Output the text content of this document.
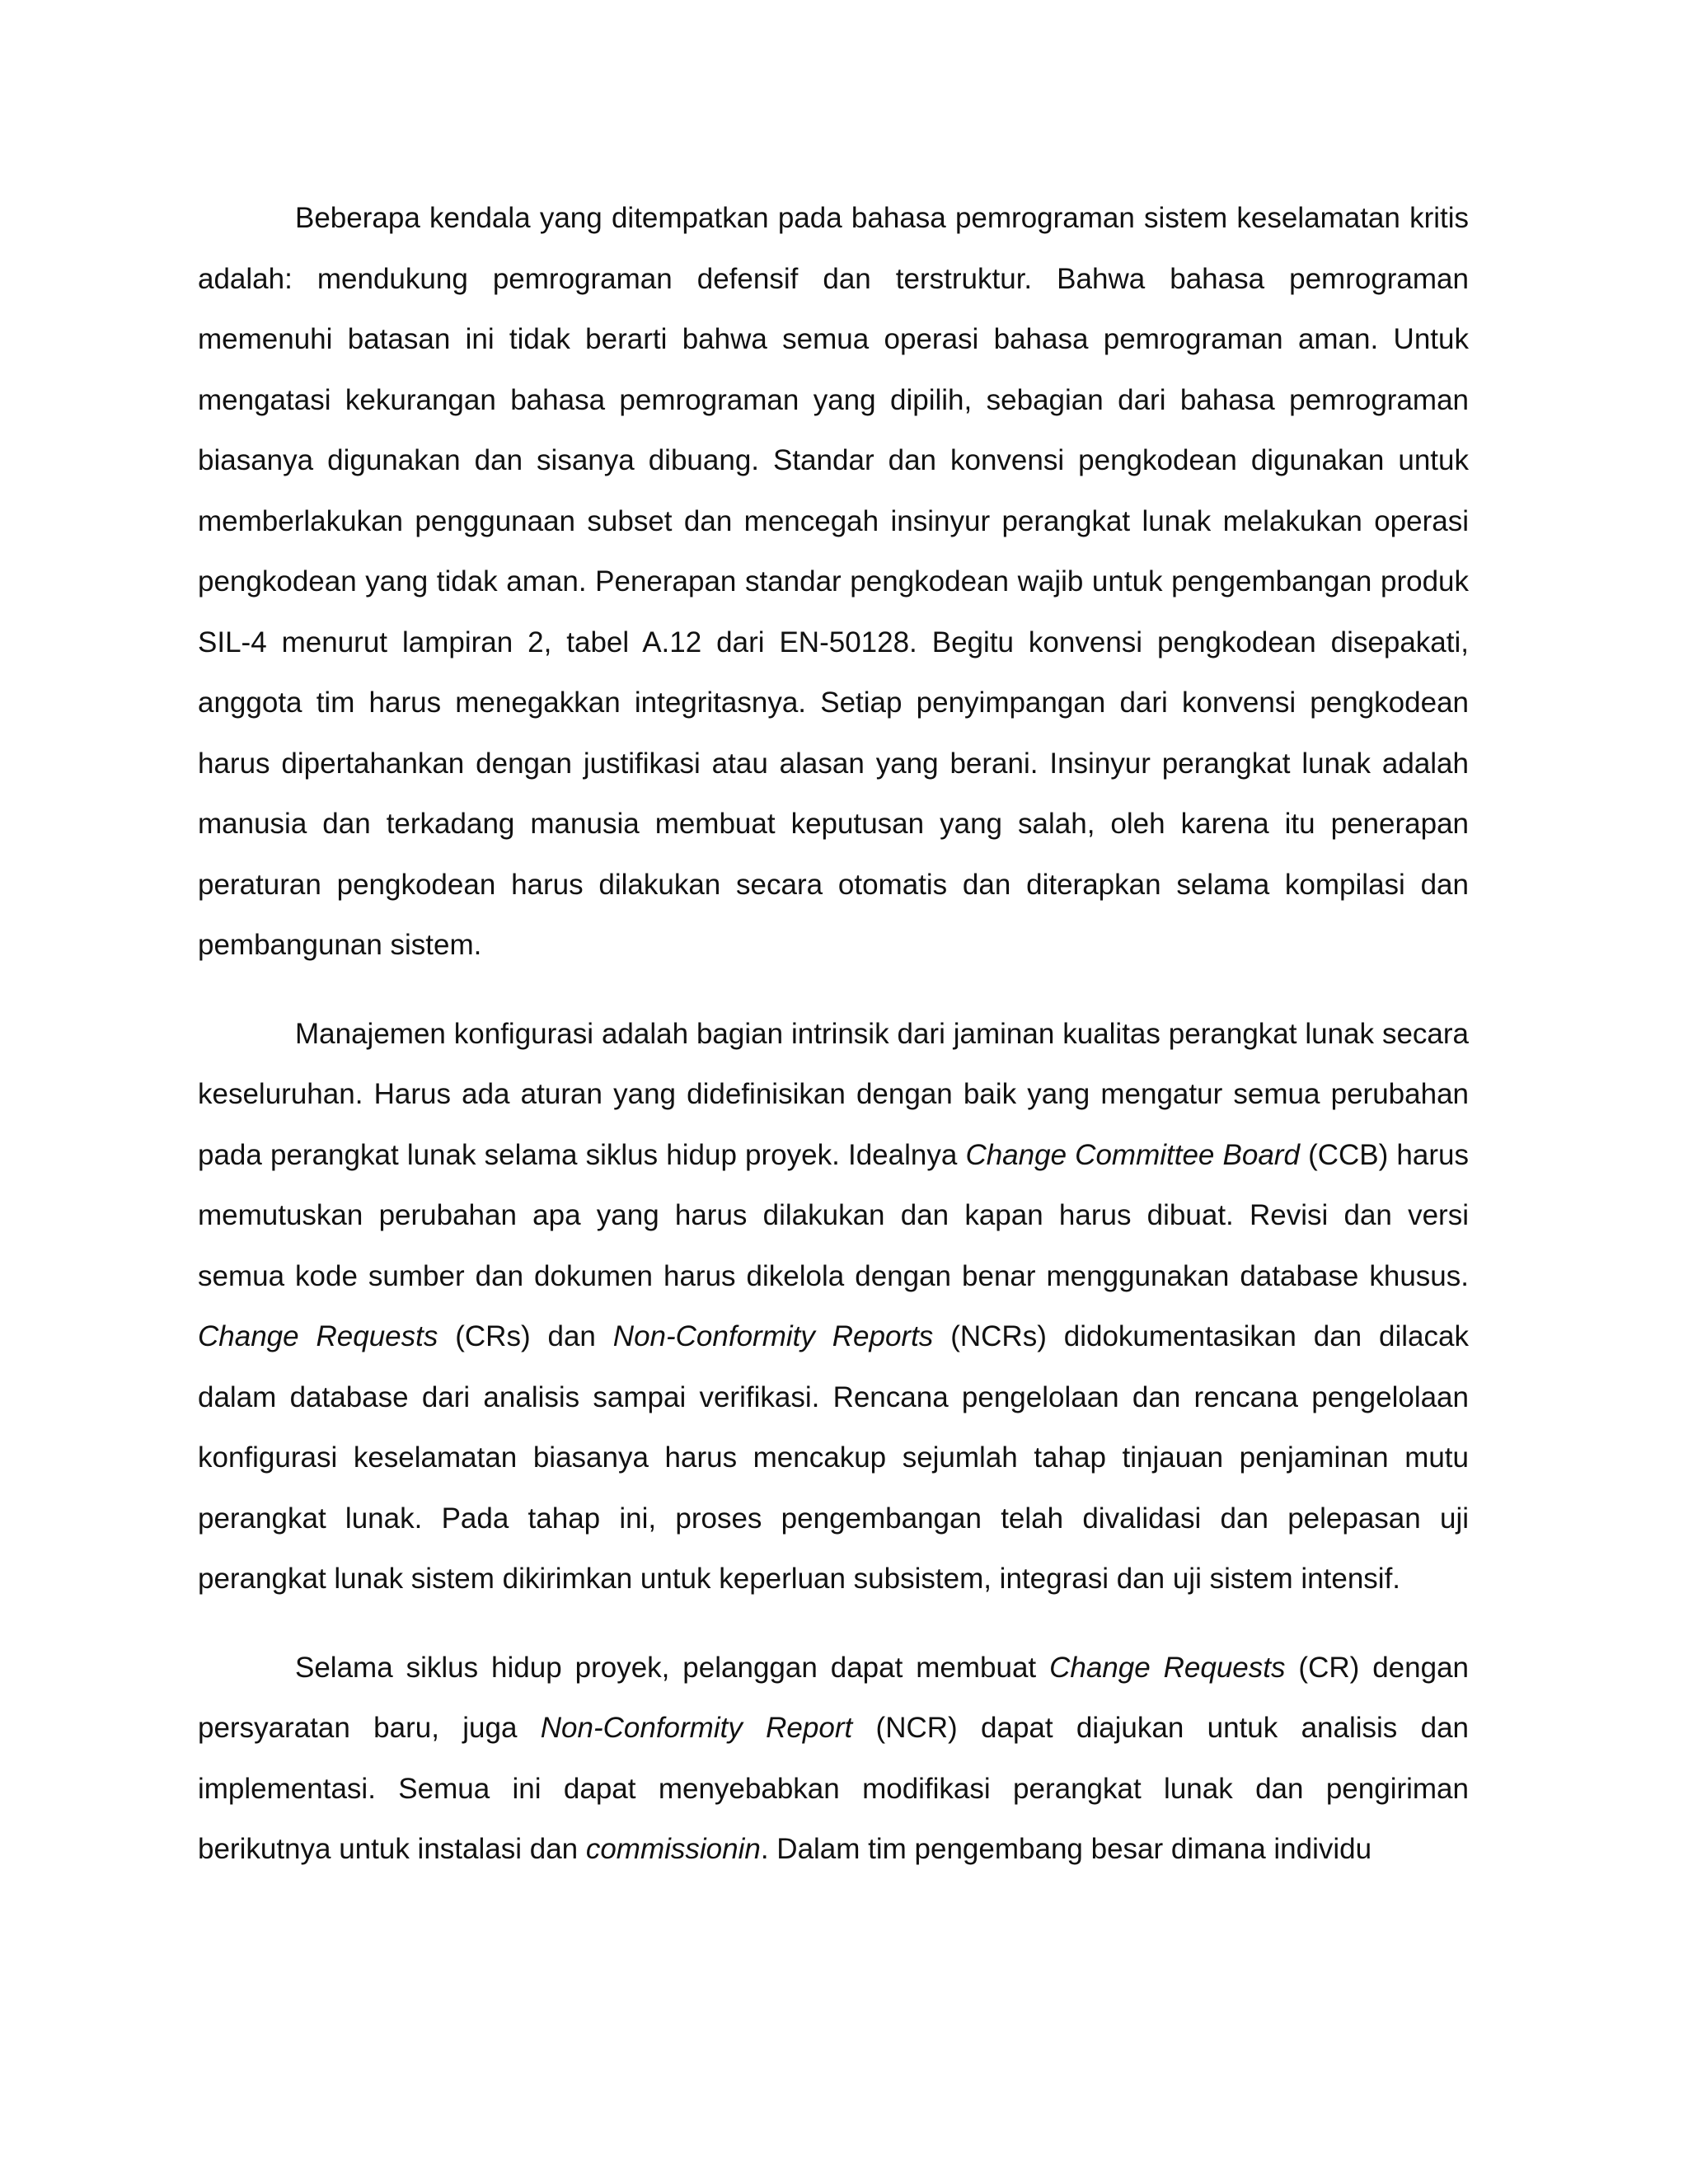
Beberapa kendala yang ditempatkan pada bahasa pemrograman sistem keselamatan kritis adalah: mendukung pemrograman defensif dan terstruktur. Bahwa bahasa pemrograman memenuhi batasan ini tidak berarti bahwa semua operasi bahasa pemrograman aman. Untuk mengatasi kekurangan bahasa pemrograman yang dipilih, sebagian dari bahasa pemrograman biasanya digunakan dan sisanya dibuang. Standar dan konvensi pengkodean digunakan untuk memberlakukan penggunaan subset dan mencegah insinyur perangkat lunak melakukan operasi pengkodean yang tidak aman. Penerapan standar pengkodean wajib untuk pengembangan produk SIL-4 menurut lampiran 2, tabel A.12 dari EN-50128. Begitu konvensi pengkodean disepakati, anggota tim harus menegakkan integritasnya. Setiap penyimpangan dari konvensi pengkodean harus dipertahankan dengan justifikasi atau alasan yang berani. Insinyur perangkat lunak adalah manusia dan terkadang manusia membuat keputusan yang salah, oleh karena itu penerapan peraturan pengkodean harus dilakukan secara otomatis dan diterapkan selama kompilasi dan pembangunan sistem.

Manajemen konfigurasi adalah bagian intrinsik dari jaminan kualitas perangkat lunak secara keseluruhan. Harus ada aturan yang didefinisikan dengan baik yang mengatur semua perubahan pada perangkat lunak selama siklus hidup proyek. Idealnya Change Committee Board (CCB) harus memutuskan perubahan apa yang harus dilakukan dan kapan harus dibuat. Revisi dan versi semua kode sumber dan dokumen harus dikelola dengan benar menggunakan database khusus. Change Requests (CRs) dan Non-Conformity Reports (NCRs) didokumentasikan dan dilacak dalam database dari analisis sampai verifikasi. Rencana pengelolaan dan rencana pengelolaan konfigurasi keselamatan biasanya harus mencakup sejumlah tahap tinjauan penjaminan mutu perangkat lunak. Pada tahap ini, proses pengembangan telah divalidasi dan pelepasan uji perangkat lunak sistem dikirimkan untuk keperluan subsistem, integrasi dan uji sistem intensif.

Selama siklus hidup proyek, pelanggan dapat membuat Change Requests (CR) dengan persyaratan baru, juga Non-Conformity Report (NCR) dapat diajukan untuk analisis dan implementasi. Semua ini dapat menyebabkan modifikasi perangkat lunak dan pengiriman berikutnya untuk instalasi dan commissionin. Dalam tim pengembang besar dimana individu
